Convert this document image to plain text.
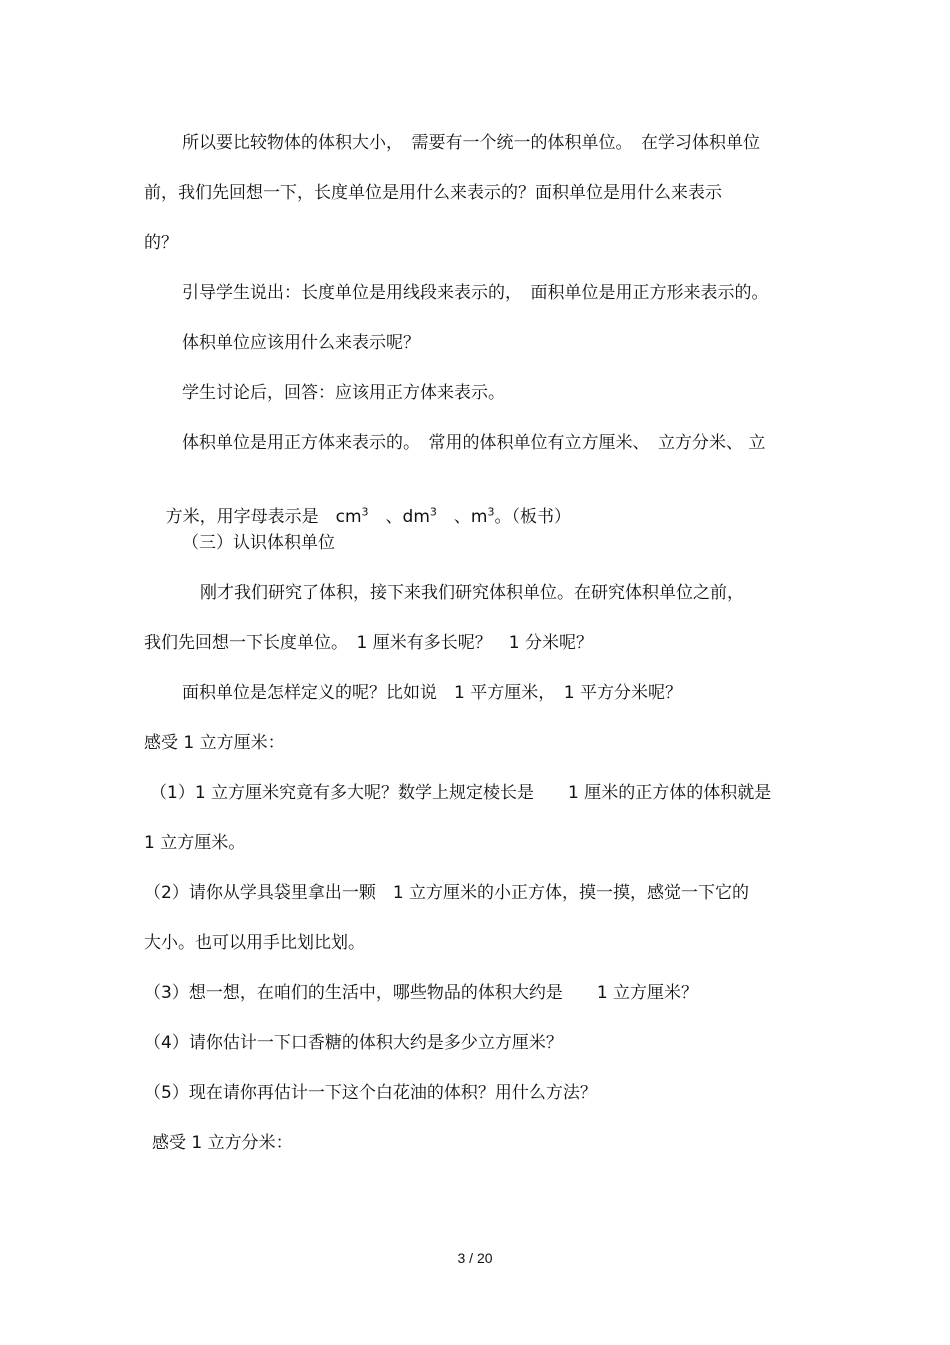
所以要比较物体的体积大小，　需要有一个统一的体积单位。　在学习体积单位
前，我们先回想一下，长度单位是用什么来表示的？面积单位是用什么来表示
的？
引导学生说出：长度单位是用线段来表示的，　面积单位是用正方形来表示的。
体积单位应该用什么来表示呢？
学生讨论后，回答：应该用正方体来表示。
体积单位是用正方体来表示的。　常用的体积单位有立方厘米、　立方分米、 立

方米，用字母表示是　$cm^3$　、$dm^3$　、$m^3$。（板书）

（三）认识体积单位
刚才我们研究了体积，接下来我们研究体积单位。在研究体积单位之前，
我们先回想一下长度单位。　1 厘米有多长呢？　1 分米呢？
面积单位是怎样定义的呢？比如说　1 平方厘米，　1 平方分米呢？
感受 1 立方厘米：
（1）1 立方厘米究竟有多大呢？数学上规定棱长是　　1 厘米的正方体的体积就是
1 立方厘米。
（2）请你从学具袋里拿出一颗　1 立方厘米的小正方体，摸一摸，感觉一下它的
大小。也可以用手比划比划。
（3）想一想，在咱们的生活中，哪些物品的体积大约是　　1 立方厘米？
（4）请你估计一下口香糖的体积大约是多少立方厘米？
（5）现在请你再估计一下这个白花油的体积？用什么方法？
感受 1 立方分米：
3 / 20
